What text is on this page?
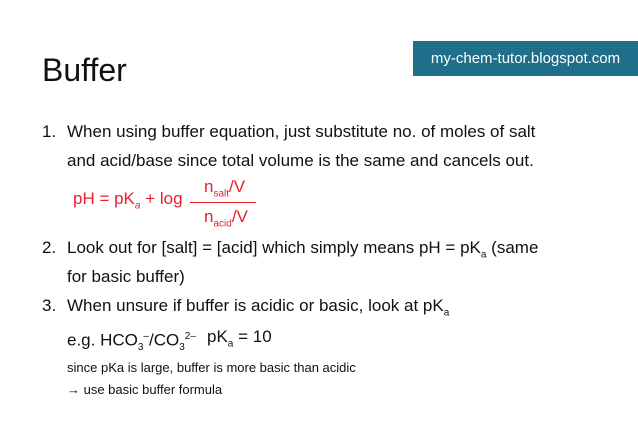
Buffer	my-chem-tutor.blogspot.com
1. When using buffer equation, just substitute no. of moles of salt
and acid/base since total volume is the same and cancels out.
pH = $pK_a + \log$
$n_{salt}/V$
$n_{acid}/V$
2. Look out for [salt] = [acid] which simply means pH = $pK_a$ (same
for basic buffer)
3. When unsure if buffer is acidic or basic, look at $pK_a$
e.g. $HCO_3^-/CO_3^{2-}$ $pK_a = 10$
since pKa is large, buffer is more basic than acidic
→ use basic buffer formula
